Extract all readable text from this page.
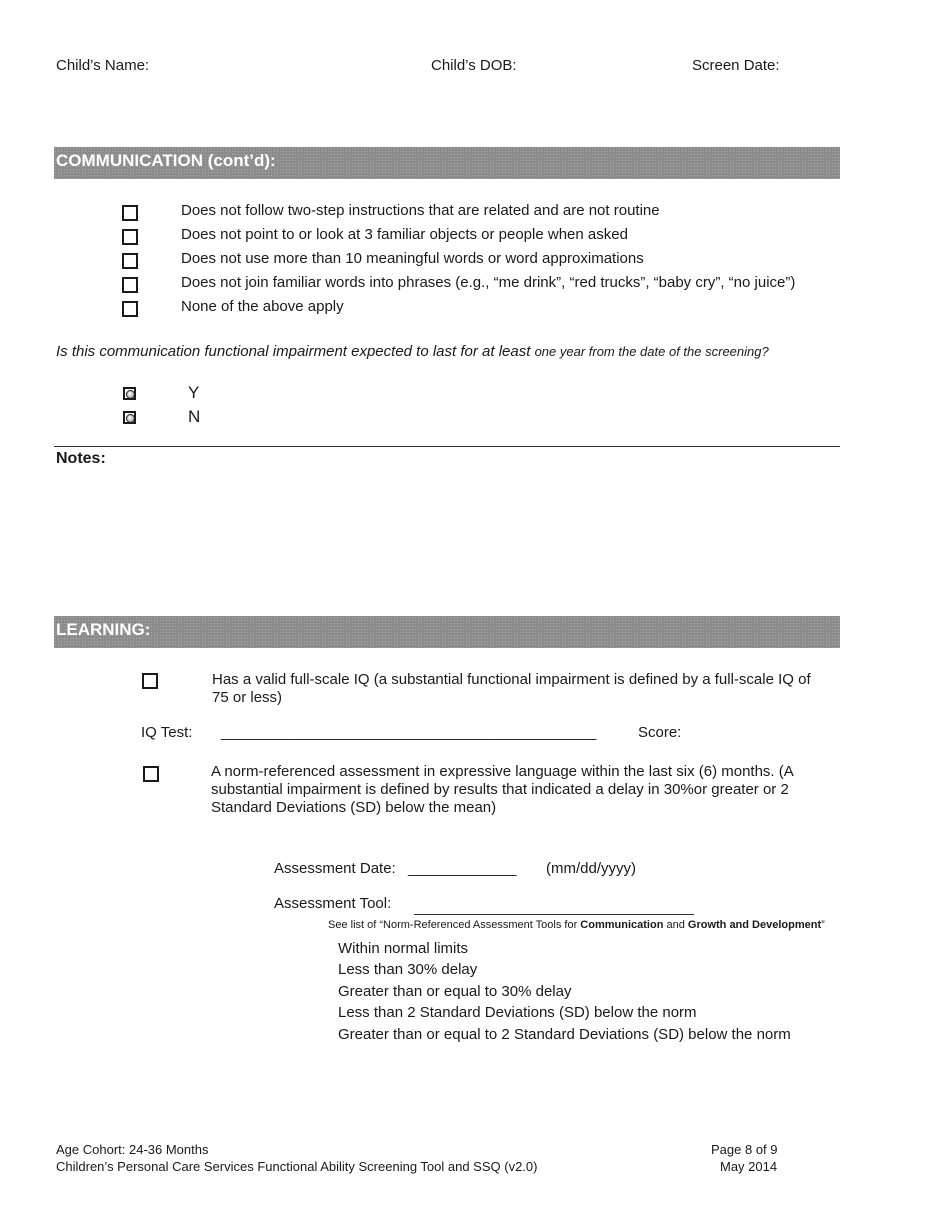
Child’s Name:	Child’s DOB:	Screen Date:
COMMUNICATION (cont’d):
Does not follow two-step instructions that are related and are not routine
Does not point to or look at 3 familiar objects or people when asked
Does not use more than 10 meaningful words or word approximations
Does not join familiar words into phrases (e.g., “me drink”, “red trucks”, “baby cry”, “no juice”)
None of the above apply
Is this communication functional impairment expected to last for at least one year from the date of the screening?
Y
N
Notes:
LEARNING:
Has a valid full-scale IQ (a substantial functional impairment is defined by a full-scale IQ of 75 or less)
IQ Test: _____________________________________________	Score:
A norm-referenced assessment in expressive language within the last six (6) months. (A substantial impairment is defined by results that indicated a delay in 30%or greater or 2 Standard Deviations (SD) below the mean)
Assessment Date: _____________ (mm/dd/yyyy)
Assessment Tool:
See list of “Norm-Referenced Assessment Tools for Communication and Growth and Development”
Within normal limits
Less than 30% delay
Greater than or equal to 30% delay
Less than 2 Standard Deviations (SD) below the norm
Greater than or equal to 2 Standard Deviations (SD) below the norm
Age Cohort: 24-36 Months
Children’s Personal Care Services Functional Ability Screening Tool and SSQ (v2.0)
Page 8 of 9
May 2014
